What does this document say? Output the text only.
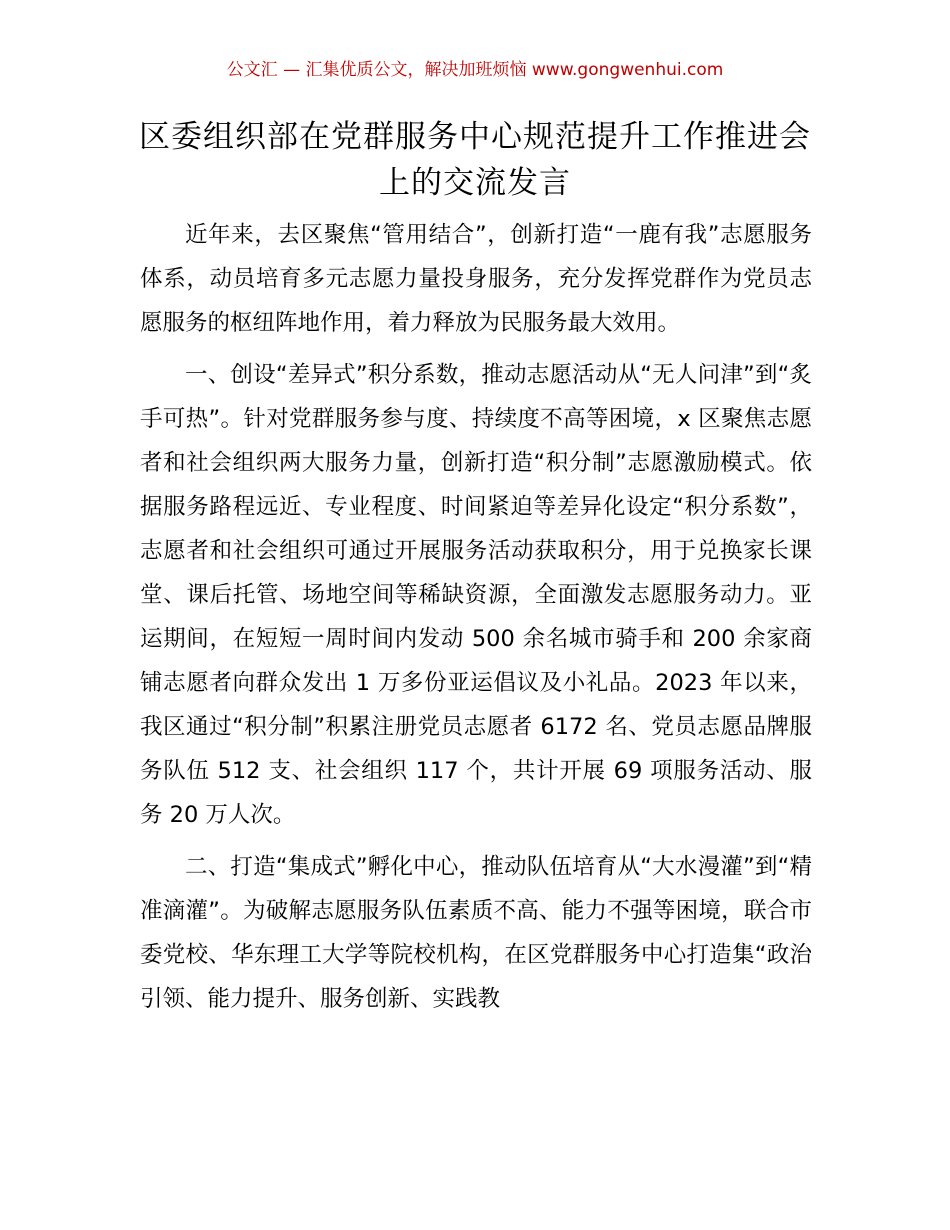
公文汇 — 汇集优质公文，解决加班烦恼 www.gongwenhui.com
区委组织部在党群服务中心规范提升工作推进会上的交流发言

近年来，去区聚焦“管用结合”，创新打造“一鹿有我”志愿服务体系，动员培育多元志愿力量投身服务，充分发挥党群作为党员志愿服务的枢纽阵地作用，着力释放为民服务最大效用。

一、创设“差异式”积分系数，推动志愿活动从“无人问津”到“炙手可热”。针对党群服务参与度、持续度不高等困境，x 区聚焦志愿者和社会组织两大服务力量，创新打造“积分制”志愿激励模式。依据服务路程远近、专业程度、时间紧迫等差异化设定“积分系数”，志愿者和社会组织可通过开展服务活动获取积分，用于兑换家长课堂、课后托管、场地空间等稀缺资源，全面激发志愿服务动力。亚运期间，在短短一周时间内发动 500 余名城市骑手和 200 余家商铺志愿者向群众发出 1 万多份亚运倡议及小礼品。2023 年以来，我区通过“积分制”积累注册党员志愿者 6172 名、党员志愿品牌服务队伍 512 支、社会组织 117 个，共计开展 69 项服务活动、服务 20 万人次。

二、打造“集成式”孵化中心，推动队伍培育从“大水漫灌”到“精准滴灌”。为破解志愿服务队伍素质不高、能力不强等困境，联合市委党校、华东理工大学等院校机构，在区党群服务中心打造集“政治引领、能力提升、服务创新、实践教
